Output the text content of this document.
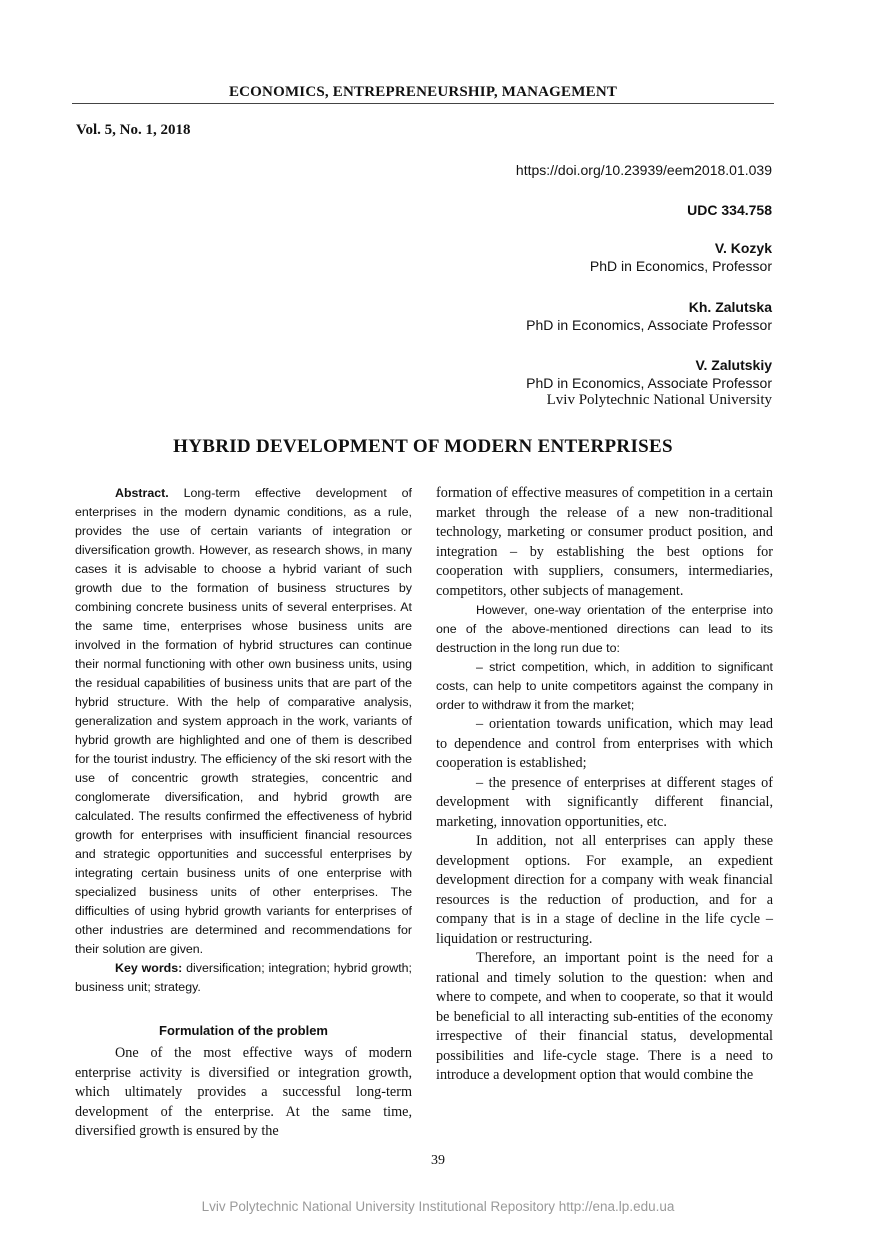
ECONOMICS, ENTREPRENEURSHIP, MANAGEMENT
Vol. 5, No. 1, 2018
https://doi.org/10.23939/eem2018.01.039
UDC 334.758
V. Kozyk
PhD in Economics, Professor
Kh. Zalutska
PhD in Economics, Associate Professor
V. Zalutskiy
PhD in Economics, Associate Professor
Lviv Polytechnic National University
HYBRID DEVELOPMENT OF MODERN ENTERPRISES

Abstract. Long-term effective development of enterprises in the modern dynamic conditions, as a rule, provides the use of certain variants of integration or diversification growth. However, as research shows, in many cases it is advisable to choose a hybrid variant of such growth due to the formation of business structures by combining concrete business units of several enterprises. At the same time, enterprises whose business units are involved in the formation of hybrid structures can continue their normal functioning with other own business units, using the residual capabilities of business units that are part of the hybrid structure. With the help of comparative analysis, generalization and system approach in the work, variants of hybrid growth are highlighted and one of them is described for the tourist industry. The efficiency of the ski resort with the use of concentric growth strategies, concentric and conglomerate diversification, and hybrid growth are calculated. The results confirmed the effectiveness of hybrid growth for enterprises with insufficient financial resources and strategic opportunities and successful enterprises by integrating certain business units of one enterprise with specialized business units of other enterprises. The difficulties of using hybrid growth variants for enterprises of other industries are determined and recommendations for their solution are given.

Key words: diversification; integration; hybrid growth; business unit; strategy.

Formulation of the problem

One of the most effective ways of modern enterprise activity is diversified or integration growth, which ultimately provides a successful long-term development of the enterprise. At the same time, diversified growth is ensured by the

formation of effective measures of competition in a certain market through the release of a new non-traditional technology, marketing or consumer product position, and integration – by establishing the best options for cooperation with suppliers, consumers, intermediaries, competitors, other subjects of management.

However, one-way orientation of the enterprise into one of the above-mentioned directions can lead to its destruction in the long run due to:

– strict competition, which, in addition to significant costs, can help to unite competitors against the company in order to withdraw it from the market;

– orientation towards unification, which may lead to dependence and control from enterprises with which cooperation is established;

– the presence of enterprises at different stages of development with significantly different financial, marketing, innovation opportunities, etc.

In addition, not all enterprises can apply these development options. For example, an expedient development direction for a company with weak financial resources is the reduction of production, and for a company that is in a stage of decline in the life cycle – liquidation or restructuring.

Therefore, an important point is the need for a rational and timely solution to the question: when and where to compete, and when to cooperate, so that it would be beneficial to all interacting sub-entities of the economy irrespective of their financial status, developmental possibilities and life-cycle stage. There is a need to introduce a development option that would combine the

39
Lviv Polytechnic National University Institutional Repository http://ena.lp.edu.ua
